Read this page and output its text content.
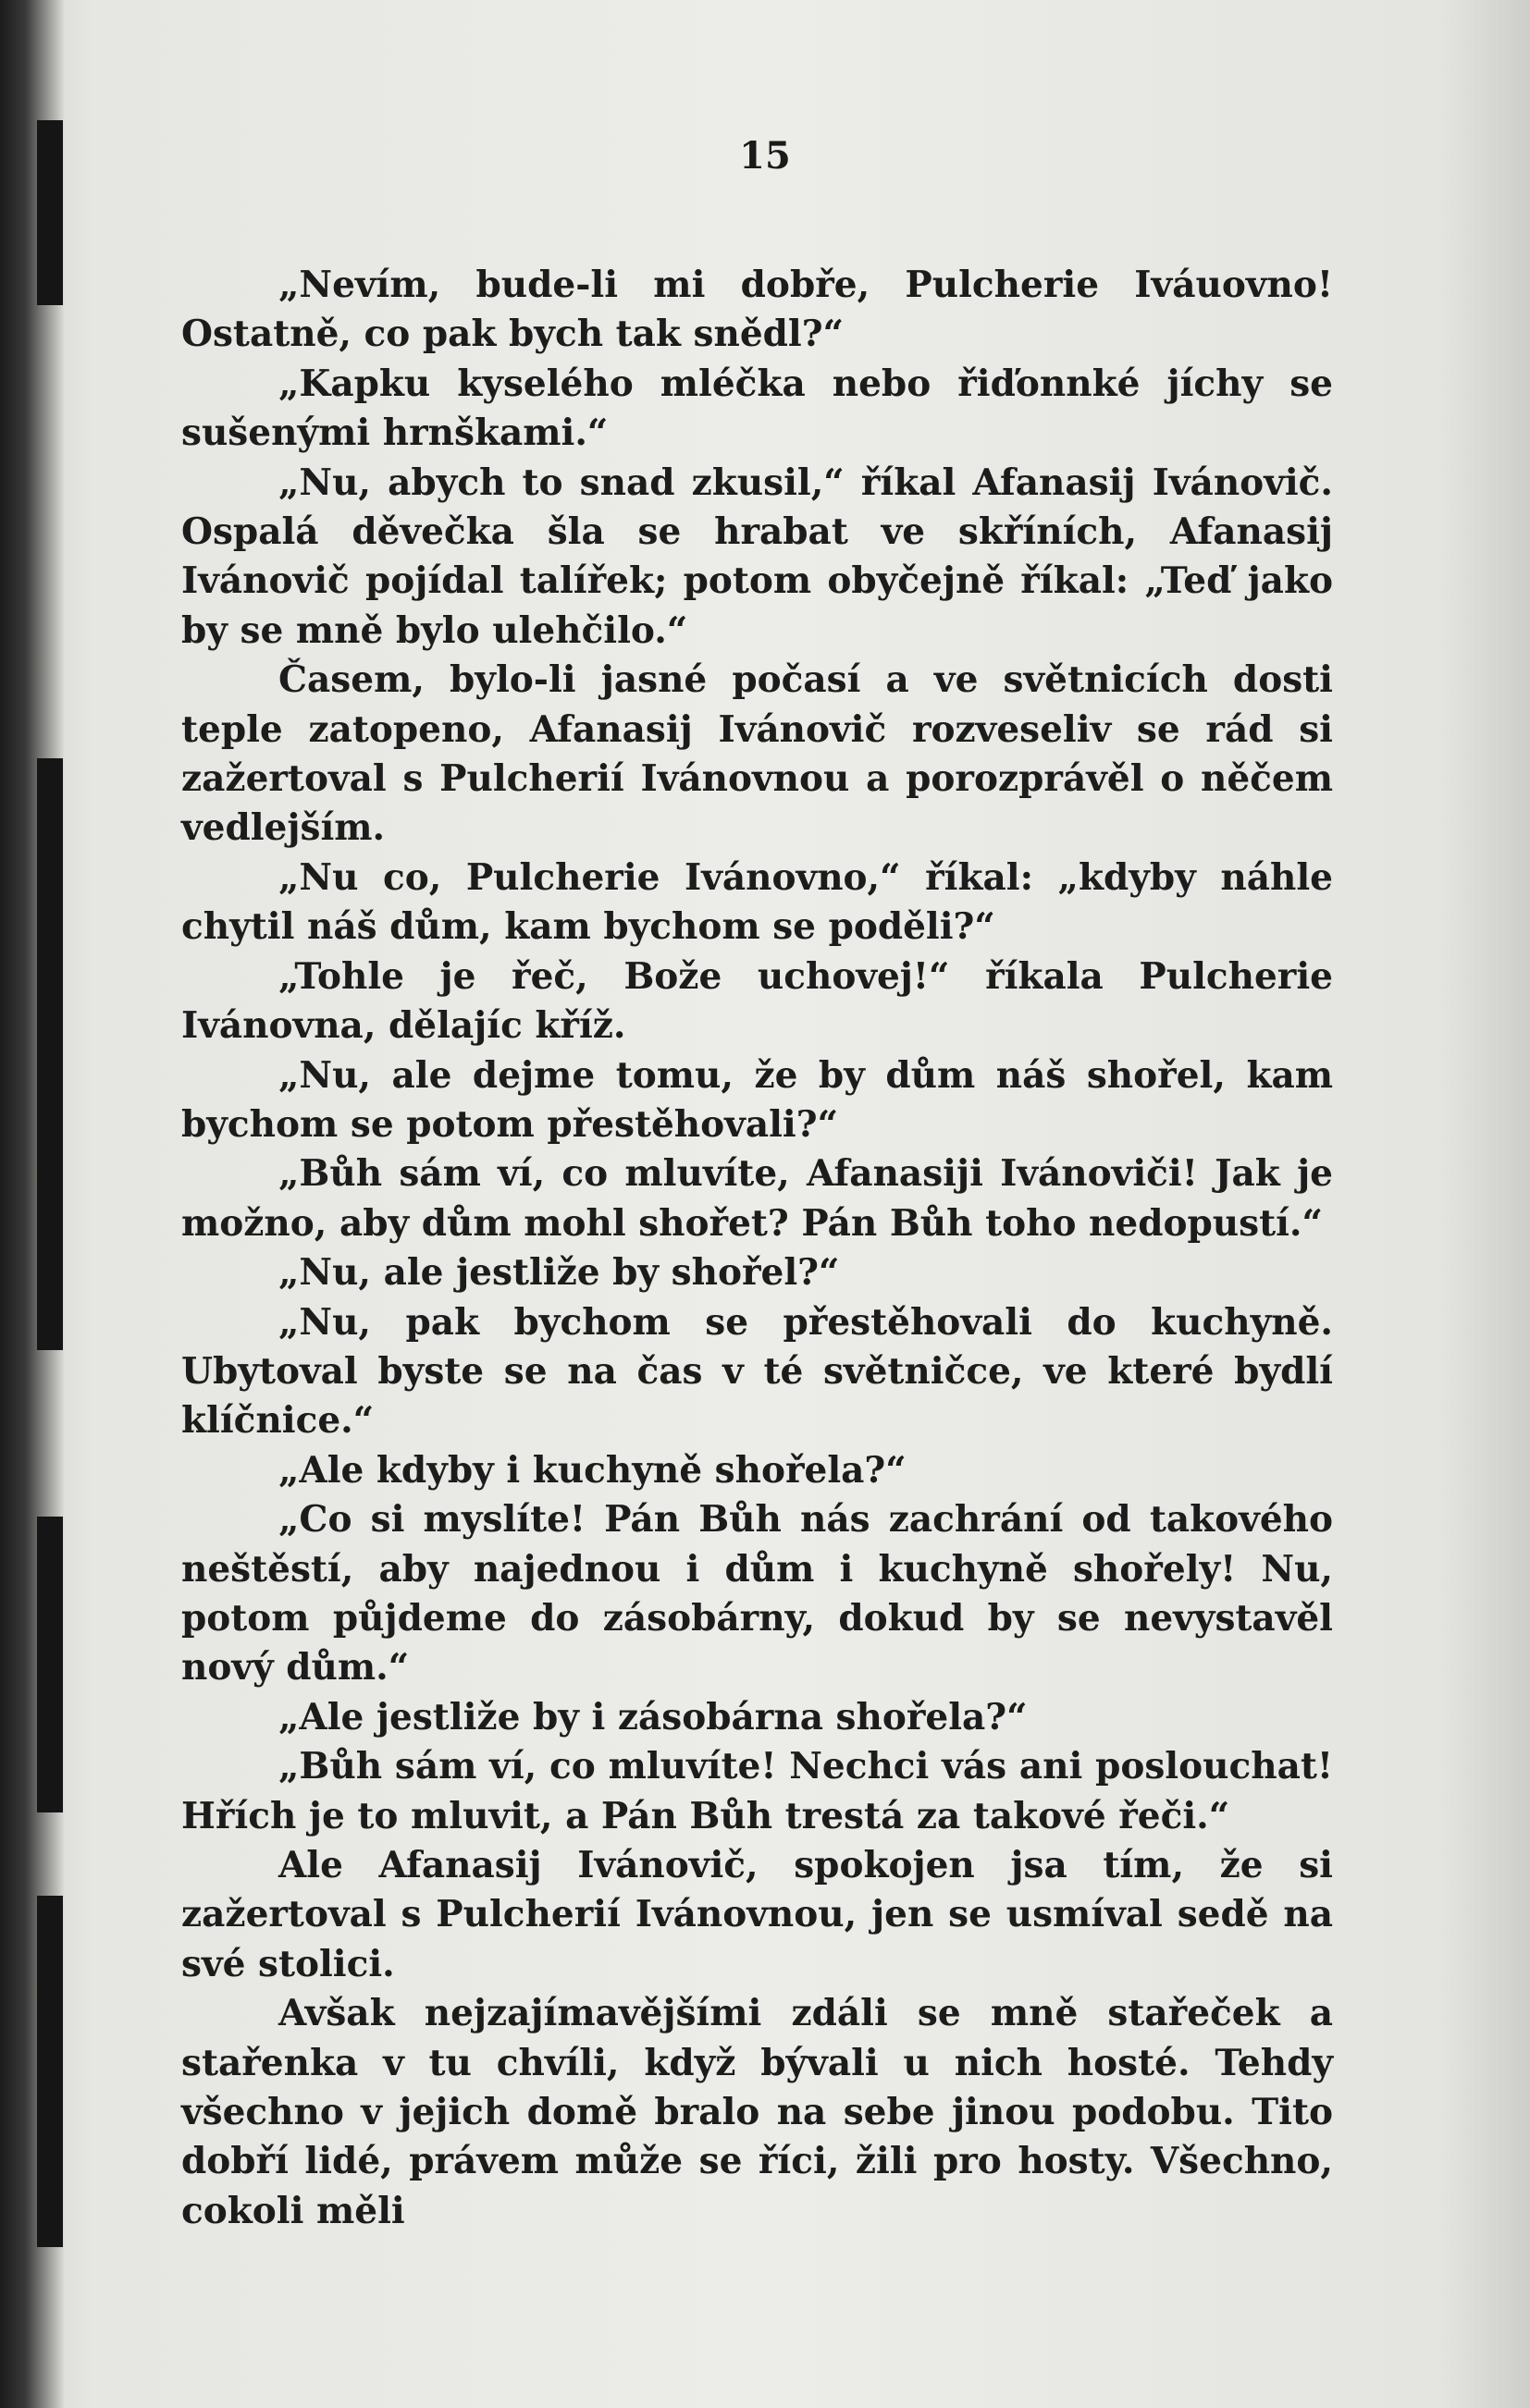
15

„Nevím, bude-li mi dobře, Pulcherie Iváuovno! Ostatně, co pak bych tak snědl?“

„Kapku kyselého mléčka nebo řiďonnké jíchy se sušenými hrnškami.“

„Nu, abych to snad zkusil,“ říkal Afanasij Ivánovič. Ospalá děvečka šla se hrabat ve skříních, Afanasij Ivánovič pojídal talířek; potom obyčejně říkal: „Teď jako by se mně bylo ulehčilo.“

Časem, bylo-li jasné počasí a ve světnicích dosti teple zatopeno, Afanasij Ivánovič rozveseliv se rád si zažertoval s Pulcherií Ivánovnou a porozprávěl o něčem vedlejším.

„Nu co, Pulcherie Ivánovno,“ říkal: „kdyby náhle chytil náš dům, kam bychom se poděli?“

„Tohle je řeč, Bože uchovej!“ říkala Pulcherie Ivánovna, dělajíc kříž.

„Nu, ale dejme tomu, že by dům náš shořel, kam bychom se potom přestěhovali?“

„Bůh sám ví, co mluvíte, Afanasiji Ivánoviči! Jak je možno, aby dům mohl shořet? Pán Bůh toho nedopustí.“

„Nu, ale jestliže by shořel?“

„Nu, pak bychom se přestěhovali do kuchyně. Ubytoval byste se na čas v té světničce, ve které bydlí klíčnice.“

„Ale kdyby i kuchyně shořela?“

„Co si myslíte! Pán Bůh nás zachrání od takového neštěstí, aby najednou i dům i kuchyně shořely! Nu, potom půjdeme do zásobárny, dokud by se nevystavěl nový dům.“

„Ale jestliže by i zásobárna shořela?“

„Bůh sám ví, co mluvíte! Nechci vás ani poslouchat! Hřích je to mluvit, a Pán Bůh trestá za takové řeči.“

Ale Afanasij Ivánovič, spokojen jsa tím, že si zažertoval s Pulcherií Ivánovnou, jen se usmíval sedě na své stolici.

Avšak nejzajímavějšími zdáli se mně stařeček a stařenka v tu chvíli, když bývali u nich hosté. Tehdy všechno v jejich domě bralo na sebe jinou podobu. Tito dobří lidé, právem může se říci, žili pro hosty. Všechno, cokoli měli
